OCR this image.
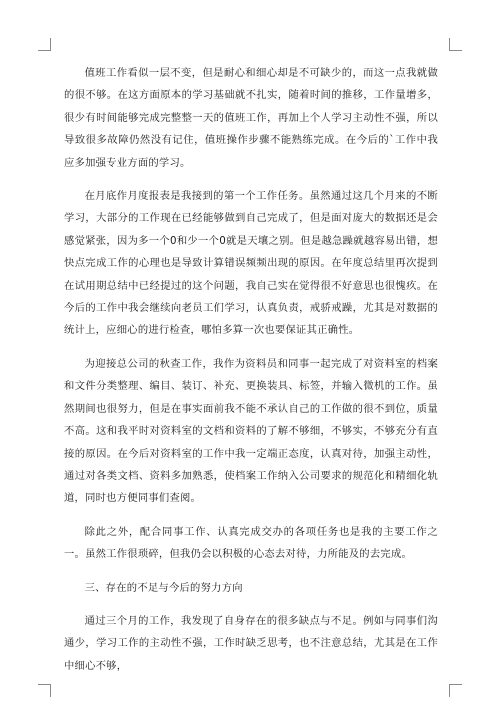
值班工作看似一层不变，但是耐心和细心却是不可缺少的，而这一点我就做的很不够。在这方面原本的学习基础就不扎实，随着时间的推移，工作量增多，很少有时间能够完成完整整一天的值班工作，再加上个人学习主动性不强，所以导致很多故障仍然没有记住，值班操作步骤不能熟练完成。在今后的`工作中我应多加强专业方面的学习。

在月底作月度报表是我接到的第一个工作任务。虽然通过这几个月来的不断学习，大部分的工作现在已经能够做到自己完成了，但是面对庞大的数据还是会感觉紧张，因为多一个0和少一个0就是天壤之别。但是越急躁就越容易出错，想快点完成工作的心理也是导致计算错误频频出现的原因。在年度总结里再次提到在试用期总结中已经提过的这个问题，我自己实在觉得很不好意思也很愧疚。在今后的工作中我会继续向老员工们学习，认真负责，戒骄戒躁，尤其是对数据的统计上，应细心的进行检查，哪怕多算一次也要保证其正确性。

为迎接总公司的秋查工作，我作为资料员和同事一起完成了对资料室的档案和文件分类整理、编目、装订、补充、更换装具、标签，并输入微机的工作。虽然期间也很努力，但是在事实面前我不能不承认自己的工作做的很不到位，质量不高。这和我平时对资料室的文档和资料的了解不够细，不够实，不够充分有直接的原因。在今后对资料室的工作中我一定端正态度，认真对待，加强主动性，通过对各类文档、资料多加熟悉，使档案工作纳入公司要求的规范化和精细化轨道，同时也方便同事们查阅。

除此之外，配合同事工作、认真完成交办的各项任务也是我的主要工作之一。虽然工作很琐碎，但我仍会以积极的心态去对待，力所能及的去完成。

三、存在的不足与今后的努力方向

通过三个月的工作，我发现了自身存在的很多缺点与不足。例如与同事们沟通少，学习工作的主动性不强，工作时缺乏思考，也不注意总结，尤其是在工作中细心不够，
